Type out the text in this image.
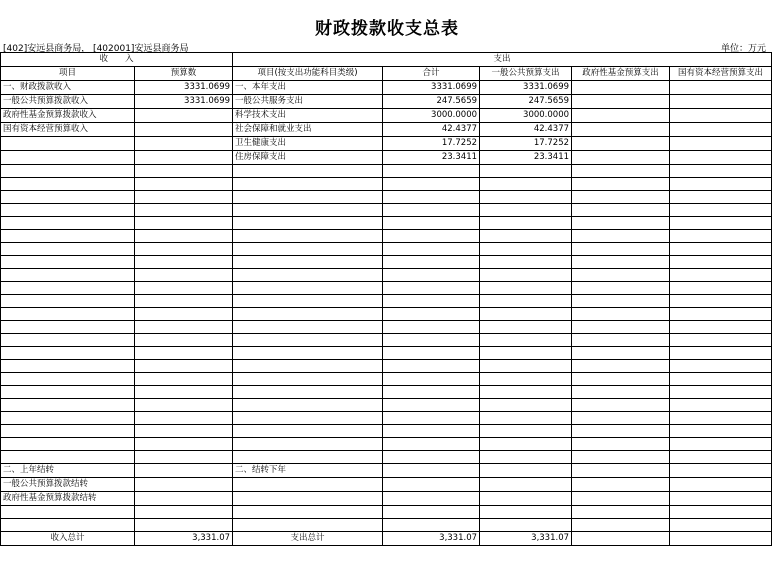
财政拨款收支总表
[402]安远县商务局， [402001]安远县商务局	单位：万元
收　　入		支出				
项目	预算数	项目(按支出功能科目类级)	合计	一般公共预算支出	政府性基金预算支出	国有资本经营预算支出
一、财政拨款收入	3331.0699	一、本年支出	3331.0699	3331.0699		
一般公共预算拨款收入	3331.0699	一般公共服务支出	247.5659	247.5659		
政府性基金预算拨款收入		科学技术支出	3000.0000	3000.0000		
国有资本经营预算收入		社会保障和就业支出	42.4377	42.4377		
		卫生健康支出	17.7252	17.7252		
		住房保障支出	23.3411	23.3411		

二、上年结转		二、结转下年				
一般公共预算拨款结转						
政府性基金预算拨款结转						

收入总计	3,331.07	支出总计	3,331.07	3,331.07		
